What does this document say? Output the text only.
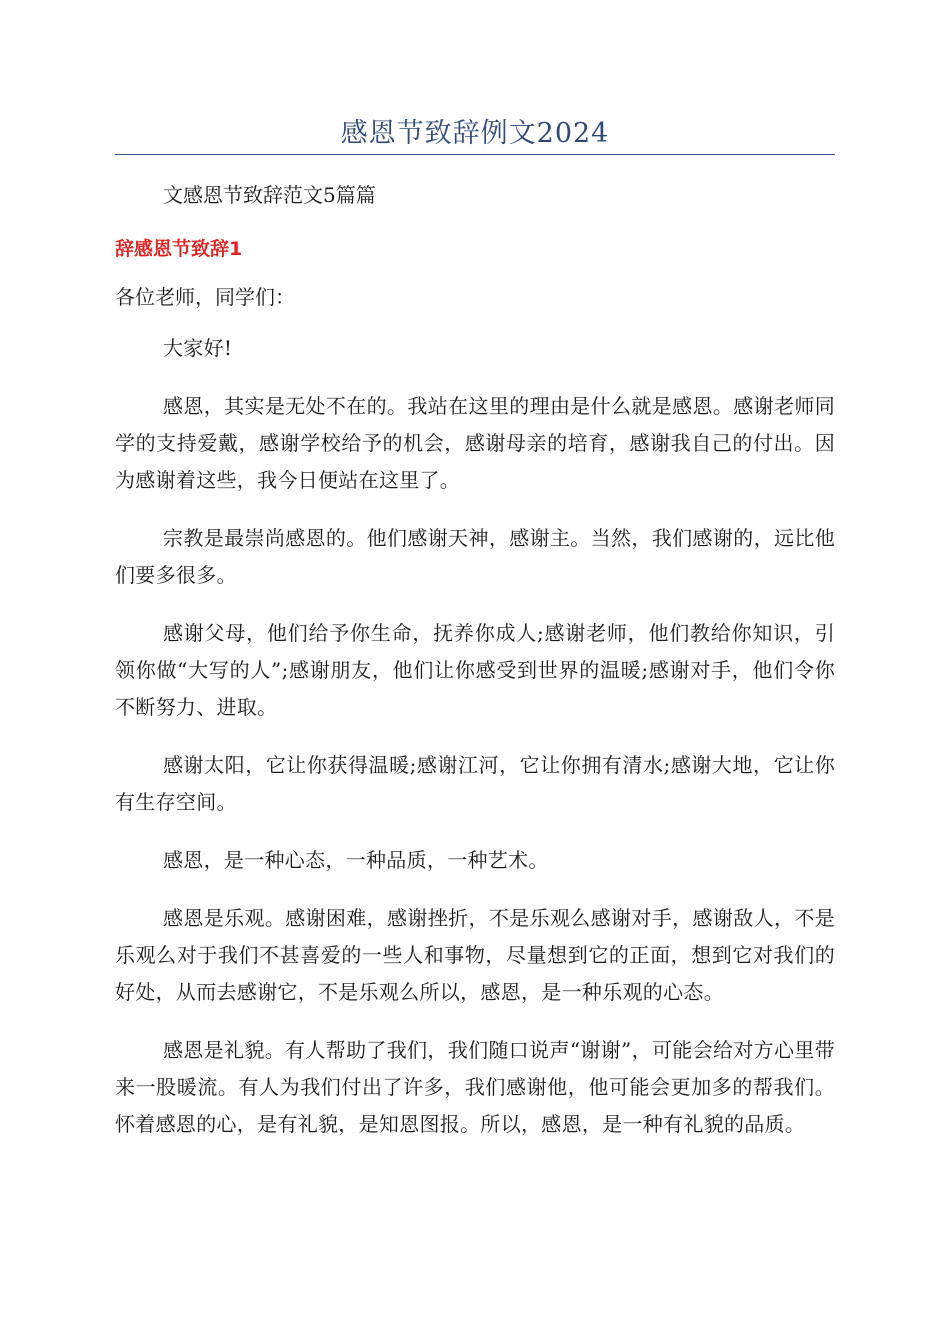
感恩节致辞例文2024
文感恩节致辞范文5篇篇
辞感恩节致辞1
各位老师，同学们：

大家好!

感恩，其实是无处不在的。我站在这里的理由是什么就是感恩。感谢老师同学的支持爱戴，感谢学校给予的机会，感谢母亲的培育，感谢我自己的付出。因为感谢着这些，我今日便站在这里了。

宗教是最崇尚感恩的。他们感谢天神，感谢主。当然，我们感谢的，远比他们要多很多。

感谢父母，他们给予你生命，抚养你成人;感谢老师，他们教给你知识，引领你做“大写的人”;感谢朋友，他们让你感受到世界的温暖;感谢对手，他们令你不断努力、进取。

感谢太阳，它让你获得温暖;感谢江河，它让你拥有清水;感谢大地，它让你有生存空间。

感恩，是一种心态，一种品质，一种艺术。

感恩是乐观。感谢困难，感谢挫折，不是乐观么感谢对手，感谢敌人，不是乐观么对于我们不甚喜爱的一些人和事物，尽量想到它的正面，想到它对我们的好处，从而去感谢它，不是乐观么所以，感恩，是一种乐观的心态。

感恩是礼貌。有人帮助了我们，我们随口说声“谢谢”，可能会给对方心里带来一股暖流。有人为我们付出了许多，我们感谢他，他可能会更加多的帮我们。怀着感恩的心，是有礼貌，是知恩图报。所以，感恩，是一种有礼貌的品质。
